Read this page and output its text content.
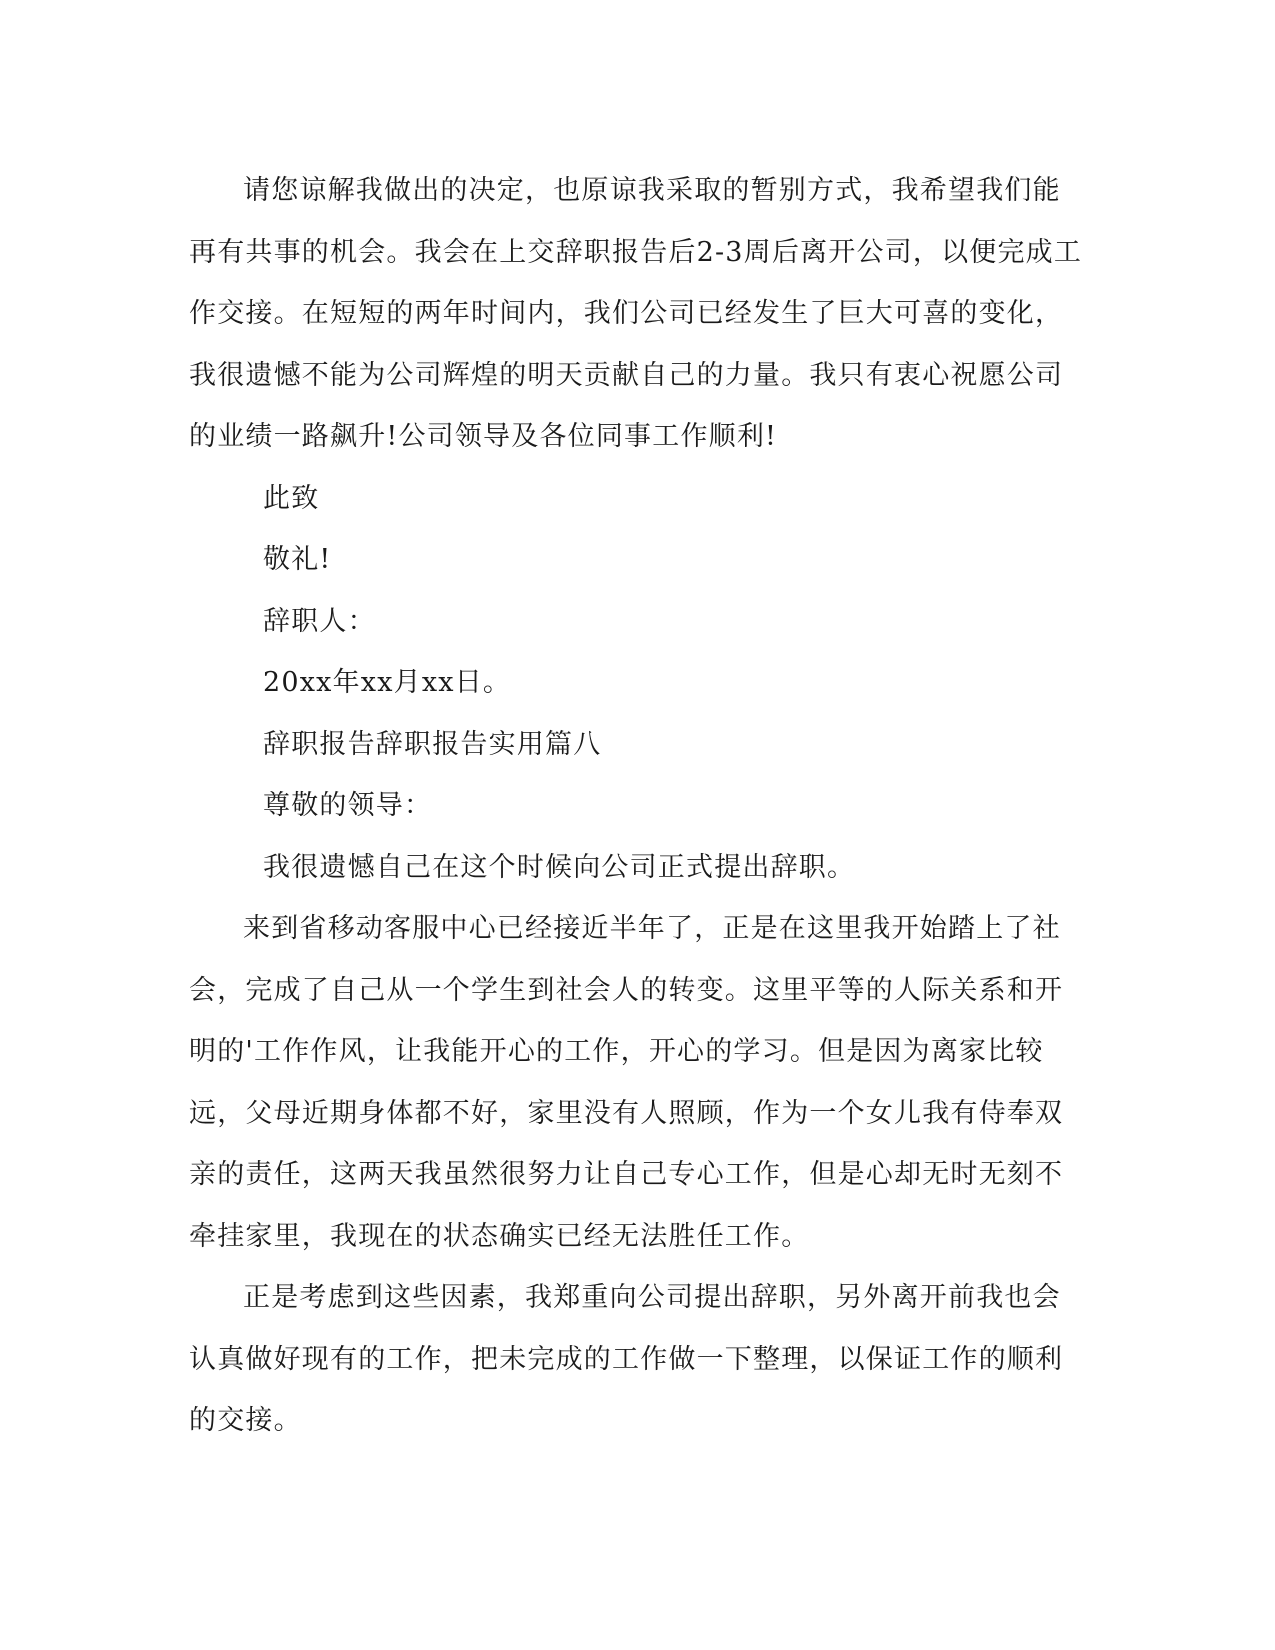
请您谅解我做出的决定，也原谅我采取的暂别方式，我希望我们能再有共事的机会。我会在上交辞职报告后2-3周后离开公司，以便完成工作交接。在短短的两年时间内，我们公司已经发生了巨大可喜的变化，我很遗憾不能为公司辉煌的明天贡献自己的力量。我只有衷心祝愿公司的业绩一路飙升!公司领导及各位同事工作顺利!

此致

敬礼!

辞职人：

20xx年xx月xx日。

辞职报告辞职报告实用篇八

尊敬的领导：

我很遗憾自己在这个时候向公司正式提出辞职。

来到省移动客服中心已经接近半年了，正是在这里我开始踏上了社会，完成了自己从一个学生到社会人的转变。这里平等的人际关系和开明的'工作作风，让我能开心的工作，开心的学习。但是因为离家比较远，父母近期身体都不好，家里没有人照顾，作为一个女儿我有侍奉双亲的责任，这两天我虽然很努力让自己专心工作，但是心却无时无刻不牵挂家里，我现在的状态确实已经无法胜任工作。

正是考虑到这些因素，我郑重向公司提出辞职，另外离开前我也会认真做好现有的工作，把未完成的工作做一下整理，以保证工作的顺利的交接。
